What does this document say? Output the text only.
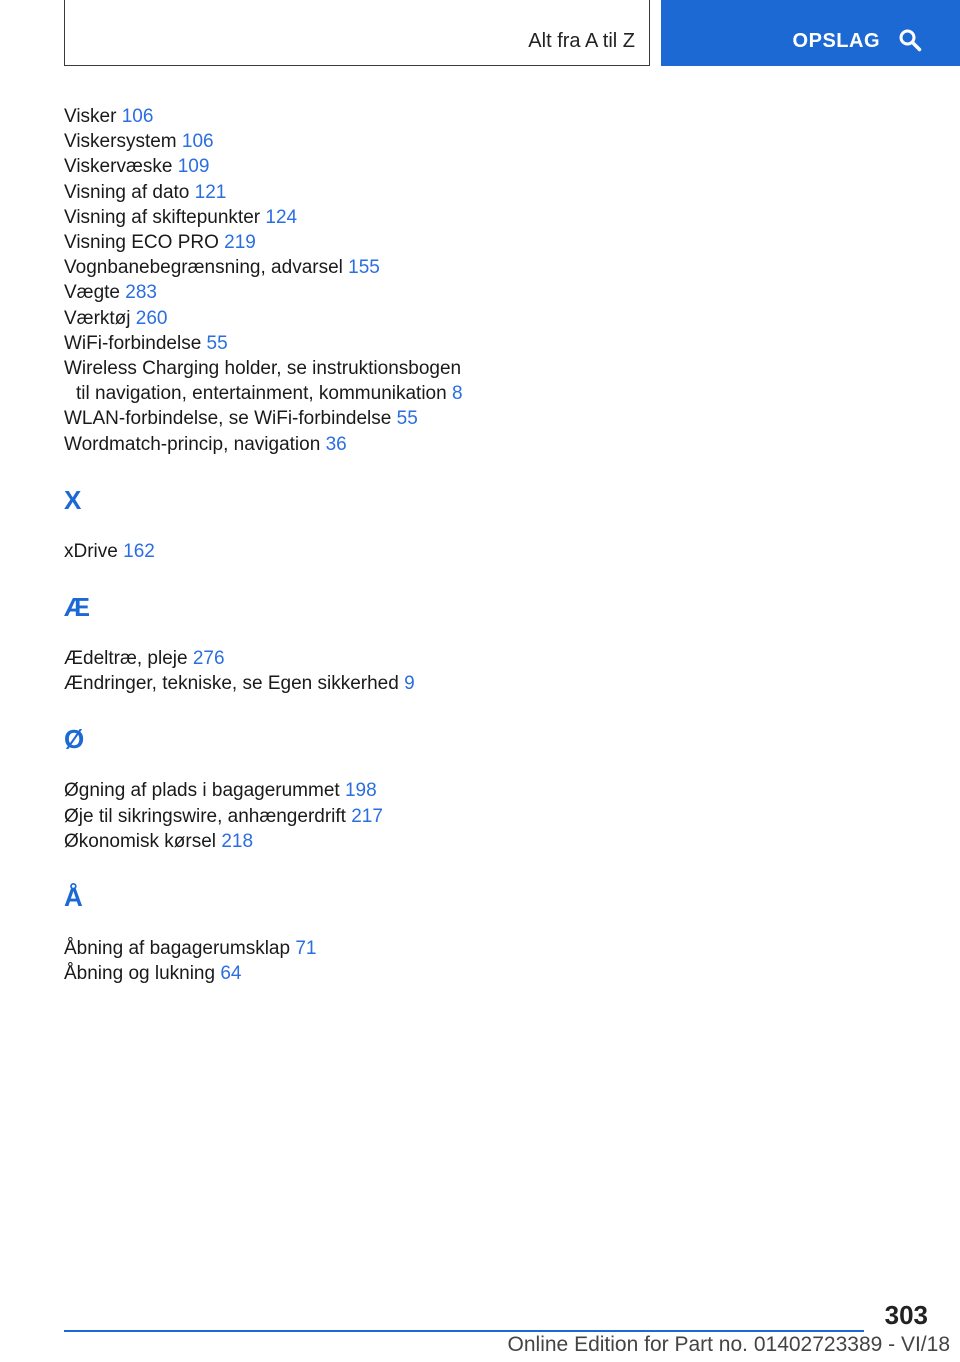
Alt fra A til Z	OPSLAG
Visker 106
Viskersystem 106
Viskervæske 109
Visning af dato 121
Visning af skiftepunkter 124
Visning ECO PRO 219
Vognbanebegrænsning, advarsel 155
Vægte 283
Værktøj 260
WiFi-forbindelse 55
Wireless Charging holder, se instruktionsbogen
til navigation, entertainment, kommunikation 8
WLAN-forbindelse, se WiFi-forbindelse 55
Wordmatch-princip, navigation 36
X
xDrive 162
Æ
Ædeltræ, pleje 276
Ændringer, tekniske, se Egen sikkerhed 9
Ø
Øgning af plads i bagagerummet 198
Øje til sikringswire, anhængerdrift 217
Økonomisk kørsel 218
Å
Åbning af bagagerumsklap 71
Åbning og lukning 64
303
Online Edition for Part no. 01402723389 - VI/18
